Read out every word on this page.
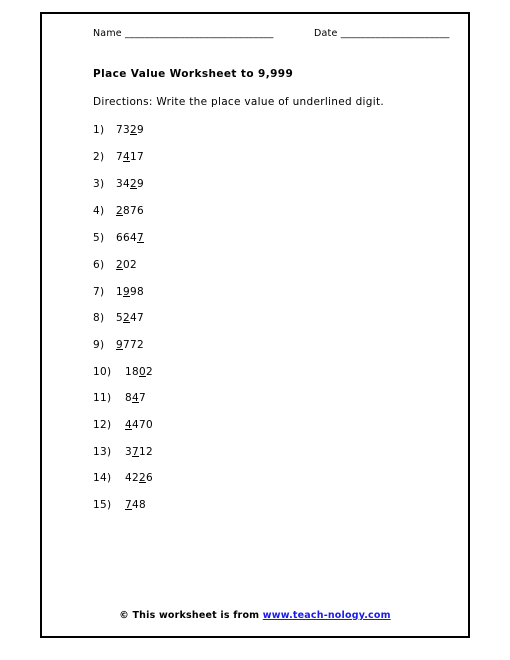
Name ______________________________	Date ______________________
Place Value Worksheet to 9,999
Directions: Write the place value of underlined digit.
1) 7329
2) 7417
3) 3429
4) 2876
5) 6647
6) 202
7) 1998
8) 5247
9) 9772
10) 1802
11) 847
12) 4470
13) 3712
14) 4226
15) 748
© This worksheet is from www.teach-nology.com
